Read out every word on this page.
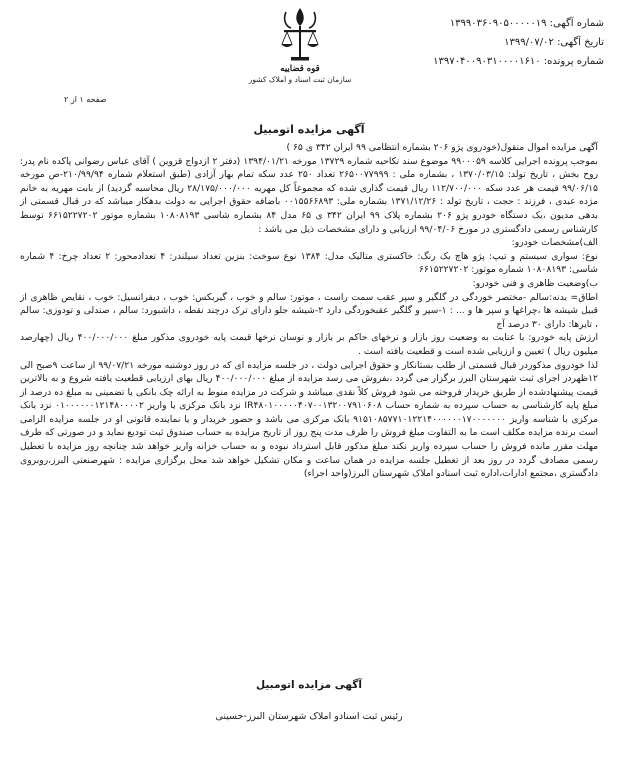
شماره آگهی: ۱۳۹۹۰۳۶۰۹۰۵۰۰۰۰۰۱۹
تاریخ آگهی: ۱۳۹۹/۰۷/۰۲
شماره پرونده: ۱۳۹۷۰۴۰۰۹۰۳۱۰۰۰۰۱۶۱۰
قوه قضاییه
سازمان ثبت اسناد و املاک کشور
صفحه ۱ از ۲
آگهی مزایده اتومبیل

آگهی مزایده اموال منقول(خودروی پژو ۲۰۶ بشماره انتظامی ۹۹ ایران ۳۴۲ ی ۶۵ )

بموجب پرونده اجرایی کلاسه ۹۹۰۰۰۵۹ موضوع سند نکاحیه شماره ۱۳۷۲۹ مورخه ۱۳۹۴/۰۱/۲۱ (دفتر ۲ ازدواج قزوین ) آقای عباس رضوانی پاکده نام پدر: روح بخش ، تاریخ تولد: ۱۳۷۰/۰۳/۱۵ ، بشماره ملی : ۲۶۵۰۰۷۷۹۹۹ تعداد ۲۵۰ عدد سکه تمام بهار آزادی (طبق استعلام شماره ۲۱۰/۹۹/۹۴-ص مورخه ۹۹/۰۶/۱۵ قیمت هر عدد سکه ۱۱۲/۷۰۰/۰۰۰ ریال قیمت گذاری شده که مجموعاً کل مهریه ۲۸/۱۷۵/۰۰۰/۰۰۰ ریال محاسبه گردید) از بابت مهریه به خانم مژده عبدی ، فرزند : حجت ، تاریخ تولد : ۱۳۷۱/۱۲/۲۶ بشماره ملی: ۰۰۱۵۵۶۶۸۹۳ باضافه حقوق اجرایی به دولت بدهکار میباشد که در قبال قسمتی از بدهی مدیون ،یک دستگاه خودرو پژو ۲۰۶ بشماره پلاک ۹۹ ایران ۳۴۲ ی ۶۵ مدل ۸۴ بشماره شاسی ۱۰۸۰۸۱۹۳ بشماره موتور ۶۶۱۵۲۲۷۲۰۲ توسط کارشناس رسمی دادگستری در مورخ ۹۹/۰۴/۰۶ ارزیابی و دارای مشخصات ذیل می باشد :

الف)مشخصات خودرو:

نوع: سواری سیستم و تیپ: پژو هاچ بک رنگ: خاکستری متالیک مدل: ۱۳۸۴ نوع سوخت: بنزین تعداد سیلندر: ۴ تعدادمحور: ۲ تعداد چرخ: ۴ شماره شاسی: ۱۰۸۰۸۱۹۳ شماره موتور: ۶۶۱۵۲۲۷۲۰۲

ب)وضعیت ظاهری و فنی خودرو:

اطاق= بدنه:سالم -مختصر خوردگی در گلگیر و سپر عقب سمت راست ، موتور: سالم و خوب ، گیربکس: خوب ، دیفرانسیل: خوب ، نقایص ظاهری از قبیل شیشه ها ،چراغها و سپر ها و ... : ۱-سپر و گلگیر عقبخوردگی دارد ۲-شیشه جلو دارای ترک درچند نقطه ، داشبورد: سالم ، صندلی و تودوزی: سالم ، تایرها: دارای ۳۰ درصد آج

ارزش پایه خودرو: با عنایت به وضعیت روز بازار و نرخهای حاکم بر بازار و نوسان نرخها قیمت پایه خودروی مذکور مبلغ ۴۰۰/۰۰۰/۰۰۰ ریال (چهارصد میلیون ریال ) تعیین و ارزیابی شده است و قطعیت یافته است .

لذا خودروی مذکوردر قبال قسمتی از طلب بستانکار و حقوق اجرایی دولت ، در جلسه مزایده ای که در روز دوشنبه مورخه ۹۹/۰۷/۲۱ از ساعت ۹صبح الی ۱۲ظهردر اجرای ثبت شهرستان البرز برگزار می گردد ،بفروش می رسد مزایده از مبلغ ۴۰۰/۰۰۰/۰۰۰ ریال بهای ارزیابی قطعیت یافته شروع و به بالاترین قیمت پیشنهادشده از طریق خریدار فروخته می شود فروش کلاً نقدی میباشد و شرکت در مزایده منوط به ارائه چک بانکی یا تضمینی به مبلغ ده درصد از مبلغ پایه کارشناسی به حساب سپرده به شماره حساب IR۴۸۰۱۰۰۰۰۰۴۰۷۰۰۱۳۲۰۰۷۹۱۰۶۰۸ نزد بانک مرکزی یا واریز ۰۱۰۰۰۰۰۰۱۲۱۴۸۰۰۰۰۲ نزد بانک مرکزی با شناسه واریز ۹۱۵۱۰۸۵۷۷۱۰۱۲۲۱۴۰۰۰۰۰۰۱۷۰۰۰۰۰۰۰ بانک مرکزی می باشد و حضور خریدار و یا نماینده قانونی او در جلسه مزایده الزامی است برنده مزایده مکلف است ما به التفاوت مبلغ فروش را ظرف مدت پنج روز از تاریخ مزایده به حساب صندوق ثبت تودیع نماید و در صورتی که ظرف مهلت مقرر مانده فروش را حساب سپرده واریز نکند مبلغ مذکور قابل استرداد نبوده و به حساب خزانه واریز خواهد شد چنانچه روز مزایده با تعطیل رسمی مصادف گردد در روز بعد از تعطیل جلسه مزایده در همان ساعت و مکان تشکیل خواهد شد محل برگزاری مزایده : شهرصنعتی البرز،روبروی دادگستری ،مجتمع ادارات،اداره ثبت اسنادو املاک شهرستان البرز(واحد اجراء)

آگهی مزایده اتومبیل
رئیس ثبت اسنادو املاک شهرستان البرز-حسینی
